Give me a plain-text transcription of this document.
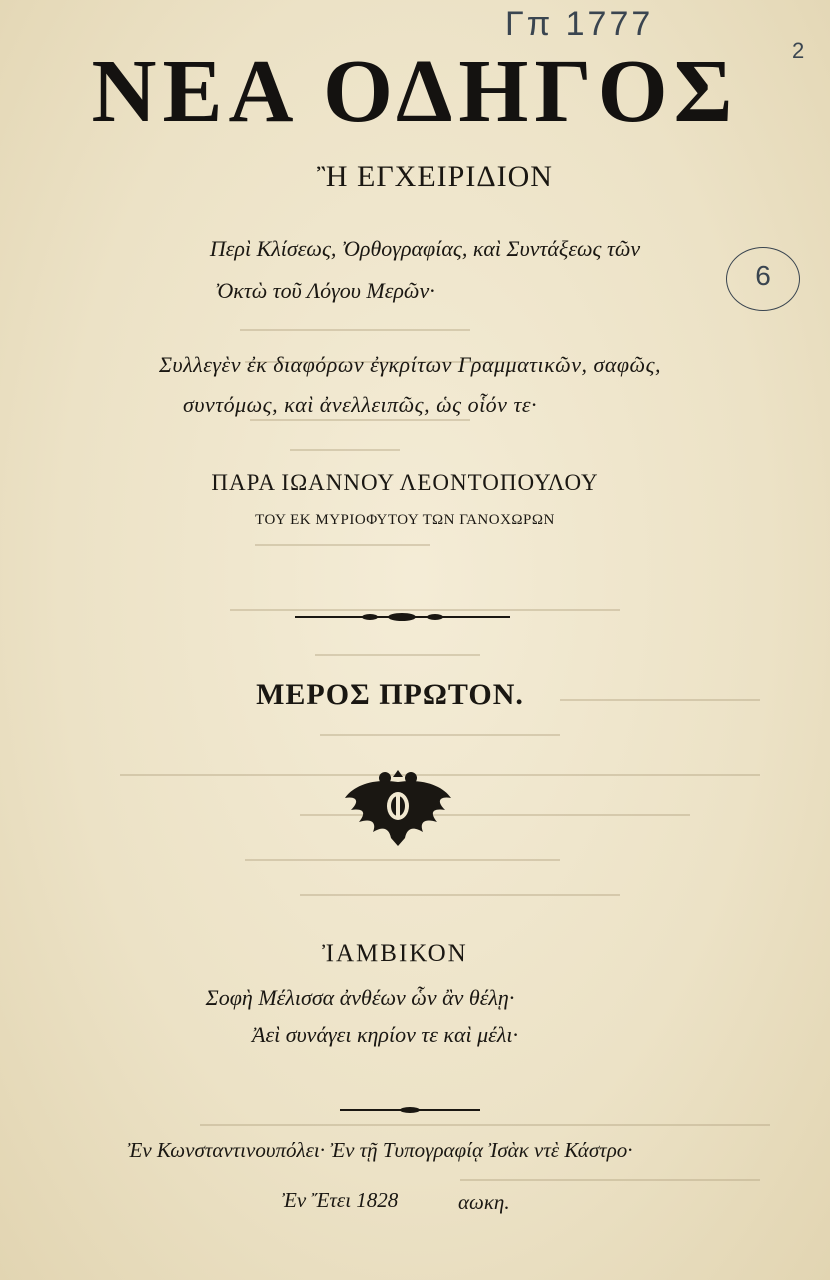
Γπ 1777
2
6
ΝΕΑ ΟΔΗΓΟΣ
Ἢ ΕΓΧΕΙΡΙΔΙΟΝ
Περὶ Κλίσεως, Ὀρθογραφίας, καὶ Συντάξεως τῶν
Ὀκτὼ τοῦ Λόγου Μερῶν·
Συλλεγὲν ἐκ διαφόρων ἐγκρίτων Γραμματικῶν, σαφῶς,
συντόμως, καὶ ἀνελλειπῶς, ὡς οἷόν τε·
ΠΑΡΑ ΙΩΑΝΝΟΥ ΛΕΟΝΤΟΠΟΥΛΟΥ
ΤΟΥ ΕΚ ΜΥΡΙΟΦΥΤΟΥ ΤΩΝ ΓΑΝΟΧΩΡΩΝ
ΜΕΡΟΣ ΠΡΩΤΟΝ.
ἸΑΜΒΙΚΟΝ
Σοφὴ Μέλισσα ἀνθέων ὧν ἂν θέλῃ·
Ἀεὶ συνάγει κηρίον τε καὶ μέλι·
Ἐν Κωνσταντινουπόλει· Ἐν τῇ Τυπογραφίᾳ Ἰσὰκ ντὲ Κάστρο·
Ἐν Ἔτει 1828	αωκη.
